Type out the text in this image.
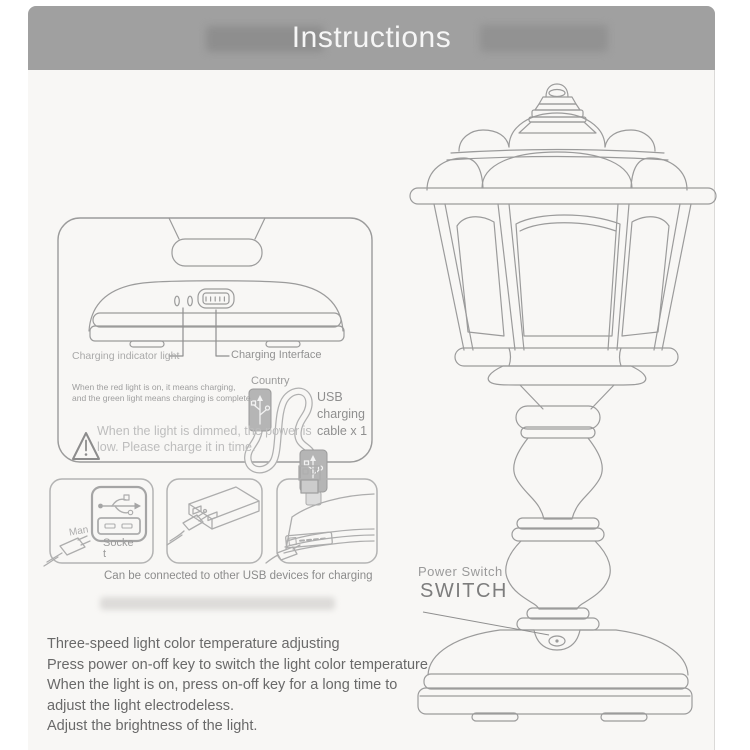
Instructions
Charging indicator light	Charging Interface
Country
USB charging cable x 1
When the red light is on, it means charging,
and the green light means charging is complete.
When the light is dimmed, the power is
low. Please charge it in time.
Man
Socke
t
Can be connected to other USB devices for charging	Power Switch
SWITCH
Three-speed light color temperature adjusting
Press power on-off key to switch the light color temperature
When the light is on, press on-off key for a long time to
adjust the light electrodeless.
Adjust the brightness of the light.
